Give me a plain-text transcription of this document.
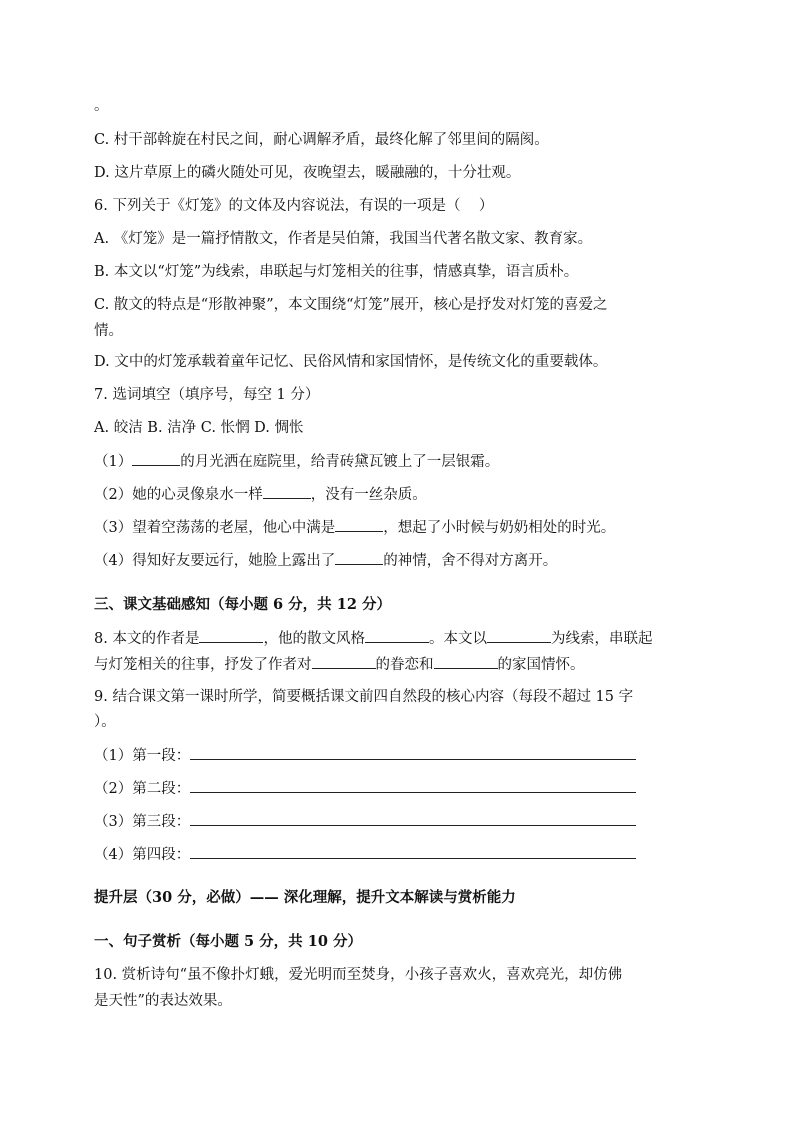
。
C. 村干部斡旋在村民之间，耐心调解矛盾，最终化解了邻里间的隔阂。
D. 这片草原上的磷火随处可见，夜晚望去，暖融融的，十分壮观。
6. 下列关于《灯笼》的文体及内容说法，有误的一项是（    ）
A. 《灯笼》是一篇抒情散文，作者是吴伯箫，我国当代著名散文家、教育家。
B. 本文以“灯笼”为线索，串联起与灯笼相关的往事，情感真挚，语言质朴。
C. 散文的特点是“形散神聚”，本文围绕“灯笼”展开，核心是抒发对灯笼的喜爱之
情。
D. 文中的灯笼承载着童年记忆、民俗风情和家国情怀，是传统文化的重要载体。
7. 选词填空（填序号，每空 1 分）
A. 皎洁 B. 洁净 C. 怅惘 D. 惆怅
（1）	的月光洒在庭院里，给青砖黛瓦镀上了一层银霜。
（2）她的心灵像泉水一样	，没有一丝杂质。
（3）望着空荡荡的老屋，他心中满是	，想起了小时候与奶奶相处的时光。
（4）得知好友要远行，她脸上露出了	的神情，舍不得对方离开。
三、课文基础感知（每小题 6 分，共 12 分）
8. 本文的作者是	，他的散文风格	。本文以	为线索，串联起
与灯笼相关的往事，抒发了作者对	的眷恋和	的家国情怀。
9. 结合课文第一课时所学，简要概括课文前四自然段的核心内容（每段不超过 15 字
）。
（1）第一段：
（2）第二段：
（3）第三段：
（4）第四段：
提升层（30 分，必做）—— 深化理解，提升文本解读与赏析能力
一、句子赏析（每小题 5 分，共 10 分）
10. 赏析诗句“虽不像扑灯蛾，爱光明而至焚身，小孩子喜欢火，喜欢亮光，却仿佛
是天性”的表达效果。
